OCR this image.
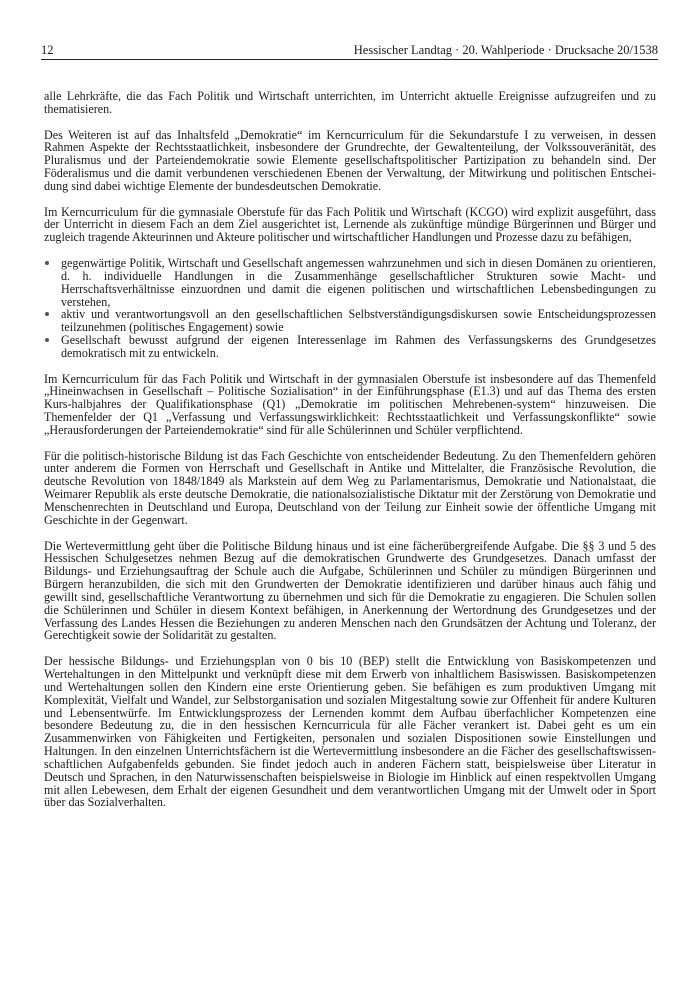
12	Hessischer Landtag · 20. Wahlperiode · Drucksache 20/1538

alle Lehrkräfte, die das Fach Politik und Wirtschaft unterrichten, im Unterricht aktuelle Ereignisse aufzugreifen und zu thematisieren.

Des Weiteren ist auf das Inhaltsfeld „Demokratie“ im Kerncurriculum für die Sekundarstufe I zu verweisen, in dessen Rahmen Aspekte der Rechtsstaatlichkeit, insbesondere der Grundrechte, der Gewaltenteilung, der Volkssouveränität, des Pluralismus und der Parteiendemokratie sowie Elemente gesellschaftspolitischer Partizipation zu behandeln sind. Der Föderalismus und die damit verbundenen verschiedenen Ebenen der Verwaltung, der Mitwirkung und politischen Entscheidung sind dabei wichtige Elemente der bundesdeutschen Demokratie.

Im Kerncurriculum für die gymnasiale Oberstufe für das Fach Politik und Wirtschaft (KCGO) wird explizit ausgeführt, dass der Unterricht in diesem Fach an dem Ziel ausgerichtet ist, Lernende als zukünftige mündige Bürgerinnen und Bürger und zugleich tragende Akteurinnen und Akteure politischer und wirtschaftlicher Handlungen und Prozesse dazu zu befähigen,

gegenwärtige Politik, Wirtschaft und Gesellschaft angemessen wahrzunehmen und sich in diesen Domänen zu orientieren, d. h. individuelle Handlungen in die Zusammenhänge gesellschaftlicher Strukturen sowie Macht- und Herrschaftsverhältnisse einzuordnen und damit die eigenen politischen und wirtschaftlichen Lebensbedingungen zu verstehen,
aktiv und verantwortungsvoll an den gesellschaftlichen Selbstverständigungsdiskursen sowie Entscheidungsprozessen teilzunehmen (politisches Engagement) sowie
Gesellschaft bewusst aufgrund der eigenen Interessenlage im Rahmen des Verfassungskerns des Grundgesetzes demokratisch mit zu entwickeln.

Im Kerncurriculum für das Fach Politik und Wirtschaft in der gymnasialen Oberstufe ist insbesondere auf das Themenfeld „Hineinwachsen in Gesellschaft – Politische Sozialisation“ in der Einführungsphase (E1.3) und auf das Thema des ersten Kurs-halbjahres der Qualifikationsphase (Q1) „Demokratie im politischen Mehrebenen-system“ hinzuweisen. Die Themenfelder der Q1 „Verfassung und Verfassungswirklichkeit: Rechtsstaatlichkeit und Verfassungskonflikte“ sowie „Herausforderungen der Parteiendemokratie“ sind für alle Schülerinnen und Schüler verpflichtend.

Für die politisch-historische Bildung ist das Fach Geschichte von entscheidender Bedeutung. Zu den Themenfeldern gehören unter anderem die Formen von Herrschaft und Gesellschaft in Antike und Mittelalter, die Französische Revolution, die deutsche Revolution von 1848/1849 als Markstein auf dem Weg zu Parlamentarismus, Demokratie und Nationalstaat, die Weimarer Republik als erste deutsche Demokratie, die nationalsozialistische Diktatur mit der Zerstörung von Demokratie und Menschenrechten in Deutschland und Europa, Deutschland von der Teilung zur Einheit sowie der öffentliche Umgang mit Geschichte in der Gegenwart.

Die Wertevermittlung geht über die Politische Bildung hinaus und ist eine fächerübergreifende Aufgabe. Die §§ 3 und 5 des Hessischen Schulgesetzes nehmen Bezug auf die demokratischen Grundwerte des Grundgesetzes. Danach umfasst der Bildungs- und Erziehungsauftrag der Schule auch die Aufgabe, Schülerinnen und Schüler zu mündigen Bürgerinnen und Bürgern heranzubilden, die sich mit den Grundwerten der Demokratie identifizieren und darüber hinaus auch fähig und gewillt sind, gesellschaftliche Verantwortung zu übernehmen und sich für die Demokratie zu engagieren. Die Schulen sollen die Schülerinnen und Schüler in diesem Kontext befähigen, in Anerkennung der Wertordnung des Grundgesetzes und der Verfassung des Landes Hessen die Beziehungen zu anderen Menschen nach den Grundsätzen der Achtung und Toleranz, der Gerechtigkeit sowie der Solidarität zu gestalten.

Der hessische Bildungs- und Erziehungsplan von 0 bis 10 (BEP) stellt die Entwicklung von Basiskompetenzen und Wertehaltungen in den Mittelpunkt und verknüpft diese mit dem Erwerb von inhaltlichem Basiswissen. Basiskompetenzen und Wertehaltungen sollen den Kindern eine erste Orientierung geben. Sie befähigen es zum produktiven Umgang mit Komplexität, Vielfalt und Wandel, zur Selbstorganisation und sozialen Mitgestaltung sowie zur Offenheit für andere Kulturen und Lebensentwürfe. Im Entwicklungsprozess der Lernenden kommt dem Aufbau überfachlicher Kompetenzen eine besondere Bedeutung zu, die in den hessischen Kerncurricula für alle Fächer verankert ist. Dabei geht es um ein Zusammenwirken von Fähigkeiten und Fertigkeiten, personalen und sozialen Dispositionen sowie Einstellungen und Haltungen. In den einzelnen Unterrichtsfächern ist die Wertevermittlung insbesondere an die Fächer des gesellschaftswissenschaftlichen Aufgabenfelds gebunden. Sie findet jedoch auch in anderen Fächern statt, beispielsweise über Literatur in Deutsch und Sprachen, in den Naturwissenschaften beispielsweise in Biologie im Hinblick auf einen respektvollen Umgang mit allen Lebewesen, dem Erhalt der eigenen Gesundheit und dem verantwortlichen Umgang mit der Umwelt oder in Sport über das Sozialverhalten.
